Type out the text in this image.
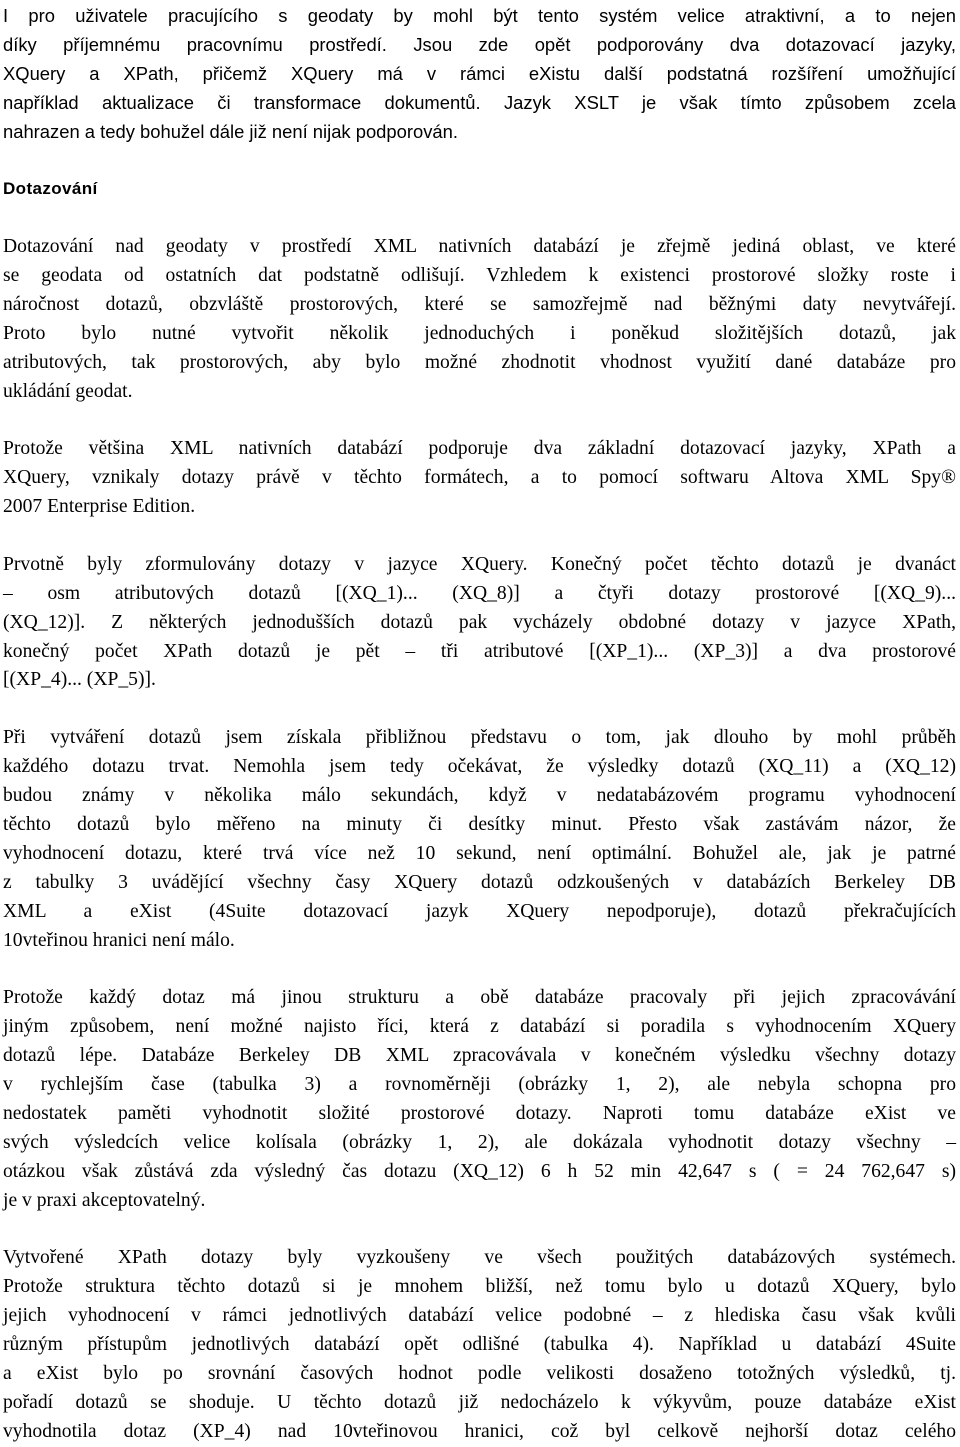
I pro uživatele pracujícího s geodaty by mohl být tento systém velice atraktivní, a to nejen
díky příjemnému pracovnímu prostředí. Jsou zde opět podporovány dva dotazovací jazyky,
XQuery a XPath, přičemž XQuery má v rámci eXistu další podstatná rozšíření umožňující
například aktualizace či transformace dokumentů. Jazyk XSLT je však tímto způsobem zcela
nahrazen a tedy bohužel dále již není nijak podporován.
Dotazování
Dotazování nad geodaty v prostředí XML nativních databází je zřejmě jediná oblast, ve které
se geodata od ostatních dat podstatně odlišují. Vzhledem k existenci prostorové složky roste i
náročnost dotazů, obzvláště prostorových, které se samozřejmě nad běžnými daty nevytvářejí.
Proto bylo nutné vytvořit několik jednoduchých i poněkud složitějších dotazů, jak
atributových, tak prostorových, aby bylo možné zhodnotit vhodnost využití dané databáze pro
ukládání geodat.
Protože většina XML nativních databází podporuje dva základní dotazovací jazyky, XPath a
XQuery, vznikaly dotazy právě v těchto formátech, a to pomocí softwaru Altova XML Spy®
2007 Enterprise Edition.
Prvotně byly zformulovány dotazy v jazyce XQuery. Konečný počet těchto dotazů je dvanáct
– osm atributových dotazů [(XQ_1)... (XQ_8)] a čtyři dotazy prostorové [(XQ_9)...
(XQ_12)]. Z některých jednodušších dotazů pak vycházely obdobné dotazy v jazyce XPath,
konečný počet XPath dotazů je pět – tři atributové [(XP_1)... (XP_3)] a dva prostorové
[(XP_4)... (XP_5)].
Při vytváření dotazů jsem získala přibližnou představu o tom, jak dlouho by mohl průběh
každého dotazu trvat. Nemohla jsem tedy očekávat, že výsledky dotazů (XQ_11) a (XQ_12)
budou známy v několika málo sekundách, když v nedatabázovém programu vyhodnocení
těchto dotazů bylo měřeno na minuty či desítky minut. Přesto však zastávám názor, že
vyhodnocení dotazu, které trvá více než 10 sekund, není optimální. Bohužel ale, jak je patrné
z tabulky 3 uvádějící všechny časy XQuery dotazů odzkoušených v databázích Berkeley DB
XML a eXist (4Suite dotazovací jazyk XQuery nepodporuje), dotazů překračujících
10vteřinou hranici není málo.
Protože každý dotaz má jinou strukturu a obě databáze pracovaly při jejich zpracovávání
jiným způsobem, není možné najisto říci, která z databází si poradila s vyhodnocením XQuery
dotazů lépe. Databáze Berkeley DB XML zpracovávala v konečném výsledku všechny dotazy
v rychlejším čase (tabulka 3) a rovnoměrněji (obrázky 1, 2), ale nebyla schopna pro
nedostatek paměti vyhodnotit složité prostorové dotazy. Naproti tomu databáze eXist ve
svých výsledcích velice kolísala (obrázky 1, 2), ale dokázala vyhodnotit dotazy všechny –
otázkou však zůstává zda výsledný čas dotazu (XQ_12) 6 h 52 min 42,647 s ( = 24 762,647 s)
je v praxi akceptovatelný.
Vytvořené XPath dotazy byly vyzkoušeny ve všech použitých databázových systémech.
Protože struktura těchto dotazů si je mnohem bližší, než tomu bylo u dotazů XQuery, bylo
jejich vyhodnocení v rámci jednotlivých databází velice podobné – z hlediska času však kvůli
různým přístupům jednotlivých databází opět odlišné (tabulka 4). Například u databází 4Suite
a eXist bylo po srovnání časových hodnot podle velikosti dosaženo totožných výsledků, tj.
pořadí dotazů se shoduje. U těchto dotazů již nedocházelo k výkyvům, pouze databáze eXist
vyhodnotila dotaz (XP_4) nad 10vteřinovou hranici, což byl celkově nejhorší dotaz celého
